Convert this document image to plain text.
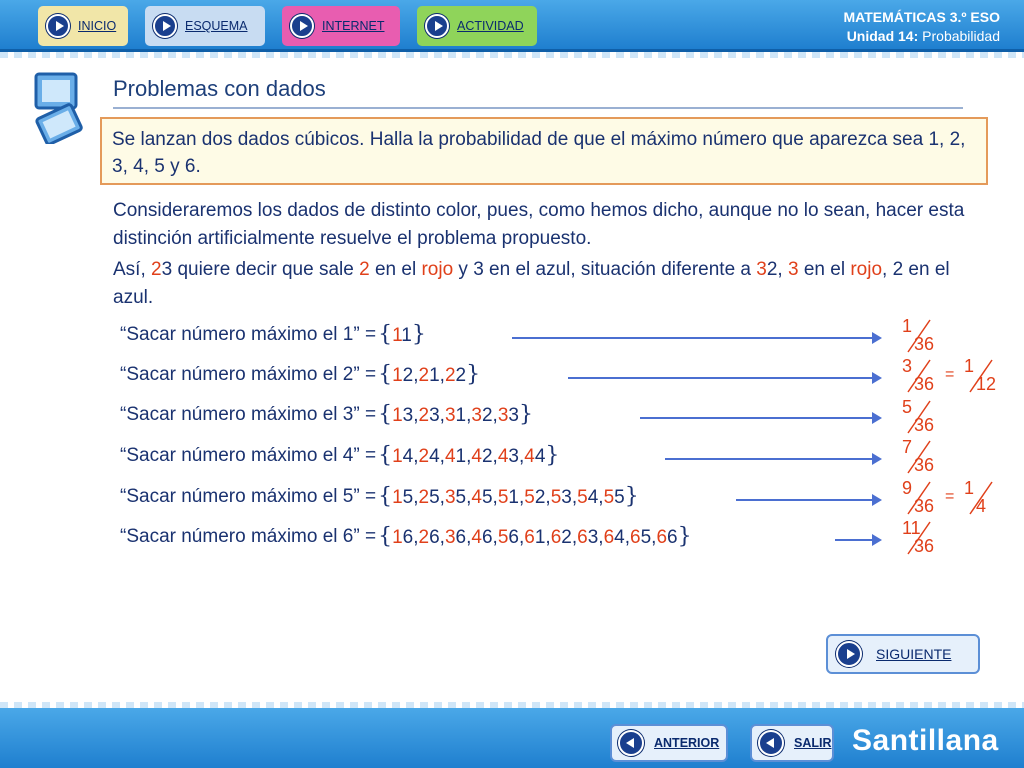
INICIO	ESQUEMA	INTERNET	ACTIVIDAD
MATEMÁTICAS 3.º ESO
Unidad 14: Probabilidad
Problemas con dados
Se lanzan dos dados cúbicos. Halla la probabilidad de que el máximo número que aparezca sea 1, 2, 3, 4, 5 y 6.
Consideraremos los dados de distinto color, pues, como hemos dicho, aunque no lo sean, hacer esta distinción artificialmente resuelve el problema propuesto.
Así, 23 quiere decir que sale 2 en el rojo y 3 en el azul, situación diferente a 32, 3 en el rojo, 2 en el azul.
“Sacar número máximo el 1” ={11}	1
36
“Sacar número máximo el 2” ={12,21,22}	3
36 = 1
12
“Sacar número máximo el 3” ={13,23,31,32,33}	5
36
“Sacar número máximo el 4” ={14,24,41,42,43,44}	7
36
“Sacar número máximo el 5” ={15,25,35,45,51,52,53,54,55}	9
36 = 1
4
“Sacar número máximo el 6” ={16,26,36,46,56,61,62,63,64,65,66}	11
36
SIGUIENTE
ANTERIOR	SALIR Santillana
